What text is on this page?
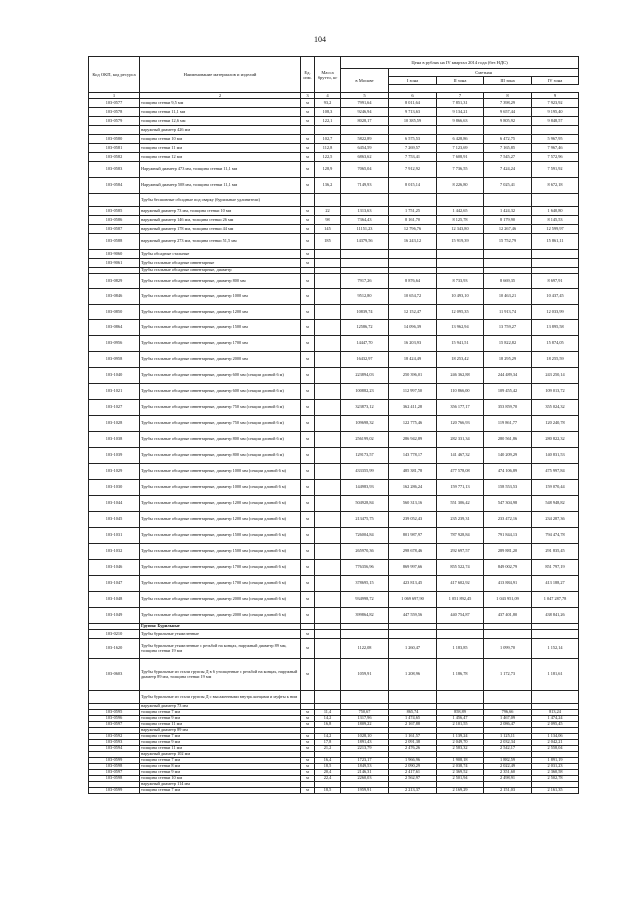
104
Код ОКП, код ресурса	Наименование материалов и изделий	Ед. изм.	Масса брутто, кг	Цена в рублях на IV квартал 2014 года (без НДС)				
				в Москве	Сметная			
					I зона	II зона	III зона	IV зона

1	2	3	4	5	6	7	8	9
103-0577	толщина стенки 9,5 мм	м	93,2	7991,64	8 011,64	7 851,31	7 398,29	7 923,92
103-0578	толщина стенки 11,1 мм	м	108,3	9246,94	9 713,63	9 134,21	9 657,44	9 195,40
103-0579	толщина стенки 12,6 мм	м	122,1	8028,17	10 385,59	9 866,63	9 805,92	9 848,57
	наружный диаметр 426 мм							
103-0580	толщина стенки 10 мм	м	102,7	5822,89	6 575,53	6 428,86	6 472,75	5 967,95
103-0581	толщина стенки 11 мм	м	112,8	6454,59	7 269,57	7 123,69	7 165,85	7 967,46
103-0582	толщина стенки 12 мм	м	122,5	6863,62	7 753,41	7 608,91	7 545,27	7 572,96
103-0583	Наружный диаметр 473 мм, толщина стенки 11,1 мм	м	128,9	7065,04	7 912,92	7 736,55	7 424,24	7 591,92
103-0584	Наружный диаметр 508 мм, толщина стенки 11,1 мм	м	136,2	7149,93	8 015,14	8 226,80	7 025,41	8 672,18
	Трубы бесшовные обсадные под сварку (бурильные удлинители)							
103-0585	наружный диаметр 73 мм, толщина стенки 10 мм	м	22	1313,63	1 751,25	1 442,65	1 424,32	1 640,80
103-0586	наружный диаметр 146 мм, толщина стенки 26 мм	м	98	7364,43	8 161,70	8 125,78	8 179,90	8 145,53
103-0587	наружный диаметр 178 мм, толщина стенки 44 мм	м	145	11151,23	12 796,76	12 343,80	12 267,46	12 599,97
103-0588	наружный диаметр 273 мм, толщина стенки 51,5 мм	м	185	14379,56	16 243,12	15 919,39	15 752,79	15 861,11
103-9060	Трубы обсадные стальные	м						
103-9061	Трубы стальные обсадные инвентарные	м						
	Трубы стальные обсадные инвентарные, диаметр							
103-0829	Трубы стальные обсадные инвентарные, диаметр 800 мм	м		7917,26	8 876,64	8 733,93	8 669,35	8 697,91
103-0846	Трубы стальные обсадные инвентарные, диаметр 1000 мм	м		9512,80	10 654,72	10 493,10	10 463,21	10 437,45
103-0850	Трубы стальные обсадные инвентарные, диаметр 1200 мм	м		10839,74	12 152,47	12 095,35	11 913,74	12 033,99
103-0864	Трубы стальные обсадные инвентарные, диаметр 1500 мм	м		12586,72	14 096,39	13 962,94	13 759,27	13 895,58
103-0956	Трубы стальные обсадные инвентарные, диаметр 1700 мм	м		14447,70	16 203,93	15 941,51	15 822,82	15 874,05
103-0958	Трубы стальные обсадные инвентарные, диаметр 2000 мм	м		16432,97	18 424,49	18 253,42	18 295,29	18 255,59
103-1040	Трубы стальные обсадные инвентарные, диаметр 600 мм (секции длиной 6 м)	м		223894,03	250 396,01	246 362,88	244 489,34	243 250,14
103-1021	Трубы стальные обсадные инвентарные, диаметр 600 мм (секции длиной 6 м)	м		100882,23	112 997,50	110 866,00	109 455,42	109 013,72
103-1027	Трубы стальные обсадные инвентарные, диаметр 750 мм (секции длиной 6 м)	м		323873,12	362 411,28	356 177,17	353 859,70	355 024,32
103-1028	Трубы стальные обсадные инвентарные, диаметр 750 мм (секции длиной 6 м)	м		109698,32	122 775,46	120 766,93	119 861,77	120 240,78
103-1038	Трубы стальные обсадные инвентарные, диаметр 800 мм (секции длиной 6 м)	м		256199,02	286 942,89	282 331,34	280 561,86	280 822,32
103-1039	Трубы стальные обсадные инвентарные, диаметр 800 мм (секции длиной 6 м)	м		129173,57	143 778,17	141 467,32	140 209,29	140 831,53
103-1029	Трубы стальные обсадные инвентарные, диаметр 1000 мм (секции длиной 6 м)	м		433355,99	485 381,78	477 578,08	474 106,89	475 997,84
103-1030	Трубы стальные обсадные инвентарные, диаметр 1000 мм (секции длиной 6 м)	м		144983,93	162 286,24	159 771,13	158 553,53	159 070,44
103-1044	Трубы стальные обсадные инвентарные, диаметр 1200 мм (секции длиной 6 м)	м		504928,84	560 313,16	551 306,42	547 304,98	548 948,82
103-1045	Трубы стальные обсадные инвентарные, диаметр 1200 мм (секции длиной 6 м)	м		213475,75	239 052,43	235 239,31	233 472,16	234 287,36
103-1031	Трубы стальные обсадные инвентарные, диаметр 1500 мм (секции длиной 6 м)	м		726004,84	801 987,97	787 928,84	791 844,13	794 474,78
103-1032	Трубы стальные обсадные инвентарные, диаметр 1500 мм (секции длиной 6 м)	м		265970,36	298 678,46	292 697,57	289 881,20	291 835,45
103-1046	Трубы стальные обсадные инвентарные, диаметр 1700 мм (секции длиной 6 м)	м		776356,96	869 997,66	855 522,74	849 002,79	851 797,19
103-1047	Трубы стальные обсадные инвентарные, диаметр 1700 мм (секции длиной 6 м)	м		378695,15	423 813,45	417 602,92	413 884,91	413 188,27
103-1048	Трубы стальные обсадные инвентарные, диаметр 2000 мм (секции длиной 6 м)	м		934998,72	1 069 697,90	1 051 892,45	1 043 951,09	1 047 287,78
103-1049	Трубы стальные обсадные инвентарные, диаметр 2000 мм (секции длиной 6 м)	м		399864,82	447 559,56	440 754,87	437 401,80	438 841,26
	Группа: Бурильные							
103-0210	Трубы бурильные утяжеленные	м						
103-1620	Трубы бурильные утяжеленные с резьбой на концах, наружный диаметр 89 мм, толщина стенки 19 мм	м		1122,08	1 260,47	1 183,85	1 099,70	1 152,14
103-0603	Трубы бурильные из стали группы Д в 6 утолщенные с резьбой на концах, наружный диаметр 89 мм, толщина стенки 19 мм	м		1059,91	1 208,96	1 186,78	1 172,73	1 181,61
	Трубы бурильные из стали группы Д с высаженными внутрь концами и муфты к ним							
	наружный диаметр 73 мм							
103-0595	толщина стенки 7 мм	м	11,4	750,67	865,74	858,89	796,66	813,24
103-0596	толщина стенки 9 мм	м	14,2	1317,96	1 474,65	1 456,47	1 467,09	1 474,24
103-0597	толщина стенки 11 мм	м	16,8	1809,22	2 167,88	2 101,55	2 086,47	2 095,45
	наружный диаметр 89 мм							
103-0592	толщина стенки 7 мм	м	14,2	1028,10	1 161,57	1 139,24	1 125,11	1 134,06
103-0593	толщина стенки 9 мм	м	17,8	1891,43	2 091,38	2 049,70	2 032,34	2 042,21
103-0594	толщина стенки 11 мм	м	21,2	2213,79	2 476,26	2 583,32	2 542,17	2 558,04
	наружный диаметр 102 мм							
103-0599	толщина стенки 7 мм	м	16,4	1723,17	1 966,96	1 908,18	1 882,59	1 891,19
103-0598	толщина стенки 8 мм	м	18,5	1849,53	2 090,29	2 038,74	2 022,49	2 031,23
103-0597	толщина стенки 9 мм	м	20,4	2146,31	2 417,61	2 369,52	2 351,60	2 360,58
103-0598	толщина стенки 10 мм	м	22,4	2260,03	2 562,97	2 501,94	2 498,91	2 502,78
	наружный диаметр 114 мм							
103-0599	толщина стенки 7 мм	м	18,5	1959,91	2 213,37	2 169,29	2 151,03	2 161,35
